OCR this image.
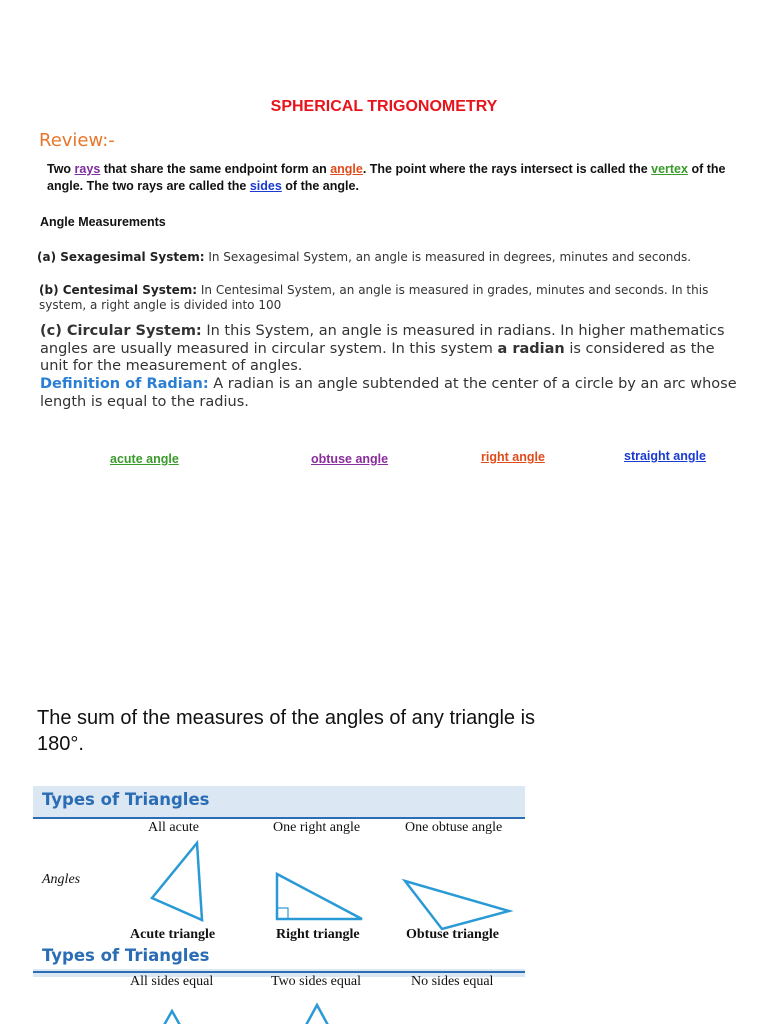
SPHERICAL TRIGONOMETRY
Review:-
Two rays that share the same endpoint form an angle. The point where the rays intersect is called the vertex of the angle. The two rays are called the sides of the angle.
Angle Measurements
(a) Sexagesimal System: In Sexagesimal System, an angle is measured in degrees, minutes and seconds.
(b) Centesimal System: In Centesimal System, an angle is measured in grades, minutes and seconds. In this system, a right angle is divided into 100
(c) Circular System: In this System, an angle is measured in radians. In higher mathematics angles are usually measured in circular system. In this system a radian is considered as the unit for the measurement of angles.
Definition of Radian: A radian is an angle subtended at the center of a circle by an arc whose length is equal to the radius.
acute angle	obtuse angle	right angle	straight angle
The sum of the measures of the angles of any triangle is 180°.
Types of Triangles
All acute	One right angle	One obtuse angle
Angles
Acute triangle	Right triangle	Obtuse triangle
Types of Triangles
All sides equal	Two sides equal	No sides equal
